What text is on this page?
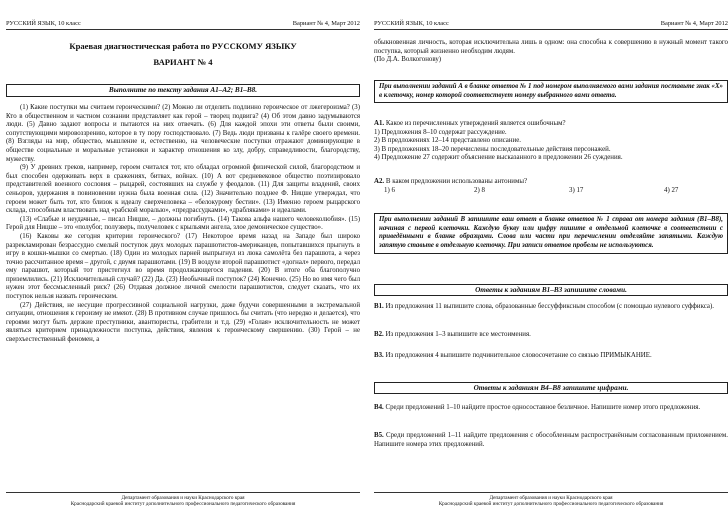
РУССКИЙ ЯЗЫК, 10 класс	Вариант № 4, Март 2012
Краевая диагностическая работа по РУССКОМУ ЯЗЫКУ
ВАРИАНТ № 4
Выполните по тексту задания А1–А2; В1–В8.

(1) Какие поступки мы считаем героическими? (2) Можно ли отделить подлинно героическое от лжегероизма? (3) Кто в общественном и частном сознании представляет как герой – творец подвига? (4) Об этом давно задумываются люди. (5) Давно задают вопросы и пытаются на них отвечать. (6) Для каждой эпохи эти ответы были своими, сопутствующими мировоззрению, которое в ту пору господствовало. (7) Ведь люди призваны к галёре своего времени. (8) Взгляды на мир, общество, мышление и, естественно, на человеческие поступки отражают доминирующие в обществе социальные и моральные установки и характер отношения ко злу, добру, справедливости, благородству, мужеству.

(9) У древних греков, например, героем считался тот, кто обладал огромной физической силой, благородством и был способен одерживать верх в сражениях, битвах, войнах. (10) А вот средневековое общество поэтизировало представителей военного сословия – рыцарей, состоявших на службе у феодалов. (11) Для защиты владений, своих сеньоров, удержания в повиновении нужна была военная сила. (12) Значительно позднее Ф. Ницше утверждал, что героем может быть тот, кто близок к идеалу сверхчеловека – «белокурому бестии». (13) Именно героем рыцарского склада, способным властвовать над «рабской моралью», «предрассудками», «драбляками» и идеалами.

(13) «Слабые и неудачные, – писал Ницше, – должны погибнуть. (14) Такова альфа нашего человеколюбия». (15) Герой для Ницше – это «полубог, полузверь, получеловек с крыльями ангела, злое демоническое существо».

(16) Каковы же сегодня критерии героического? (17) Некоторое время назад на Западе был широко разрекламирован безрассудно смелый поступок двух молодых парашютистов-американцев, попытавшихся прыгнуть в игру в кошки-мышки со смертью. (18) Один из молодых парней выпрыгнул из люка самолёта без парашюта, а через точно рассчитанное время – другой, с двумя парашютами. (19) В воздухе второй парашютист «догнал» первого, передал ему парашют, который тот пристегнул во время продолжающегося падения. (20) В итоге оба благополучно приземлились. (21) Исключительный случай? (22) Да. (23) Необычный поступок? (24) Конечно. (25) Но во имя чего был нужен этот бессмысленный риск? (26) Отдавая должное личной смелости парашютистов, следует сказать, что их поступок нельзя назвать героическим.

(27) Действия, не несущие прогрессивной социальной нагрузки, даже будучи совершенными в экстремальной ситуации, отношения к героизму не имеют. (28) В противном случае пришлось бы считать (что нередко и делается), что героями могут быть дерзкие преступники, авантюристы, грабители и т.д. (29) «Голая» исключительность не может являться критерием принадлежности поступка, действия, явления к героическому свершению. (30) Герой – не сверхъестественный феномен, а

Департамент образования и науки Краснодарского края
Краснодарский краевой институт дополнительного профессионального педагогического образования
РУССКИЙ ЯЗЫК, 10 класс	Вариант № 4, Март 2012
обыкновенная личность, которая исключительна лишь в одном: она способна к совершению в нужный момент такого поступка, который жизненно необходим людям.
(По Д.А. Волкогонову)
При выполнении заданий А в бланке ответов № 1 под номером выполняемого вами задания поставьте знак «X» в клеточку, номер которой соответствует номеру выбранного вами ответа.
А1. Какое из перечисленных утверждений является ошибочным?
1) Предложения 8–10 содержат рассуждение.
2) В предложениях 12–14 представлено описание.
3) В предложениях 18–20 перечислены последовательные действия персонажей.
4) Предложение 27 содержит объяснение высказанного в предложении 26 суждения.
А2. В каком предложении использованы антонимы?
1) 6	2) 8	3) 17	4) 27
При выполнении заданий В запишите ваш ответ в бланке ответов № 1 справа от номера задания (В1–В8), начиная с первой клеточки. Каждую букву или цифру пишите в отдельной клеточке в соответствии с приведёнными в бланке образцами. Слова или части при перечислении отделяйте запятыми. Каждую запятую ставьте в отдельную клеточку. При записи ответов пробелы не используются.
Ответы к заданиям В1–В3 запишите словами.
В1. Из предложения 11 выпишите слова, образованные бессуффиксным способом (с помощью нулевого суффикса).
В2. Из предложения 1–3 выпишите все местоимения.
В3. Из предложения 4 выпишите подчинительное словосочетание со связью ПРИМЫКАНИЕ.
Ответы к заданиям В4–В8 запишите цифрами.
В4. Среди предложений 1–10 найдите простое односоставное безличное. Напишите номер этого предложения.
В5. Среди предложений 1–11 найдите предложения с обособленным распространённым согласованным приложением. Напишите номера этих предложений.
Департамент образования и науки Краснодарского края
Краснодарский краевой институт дополнительного профессионального педагогического образования
